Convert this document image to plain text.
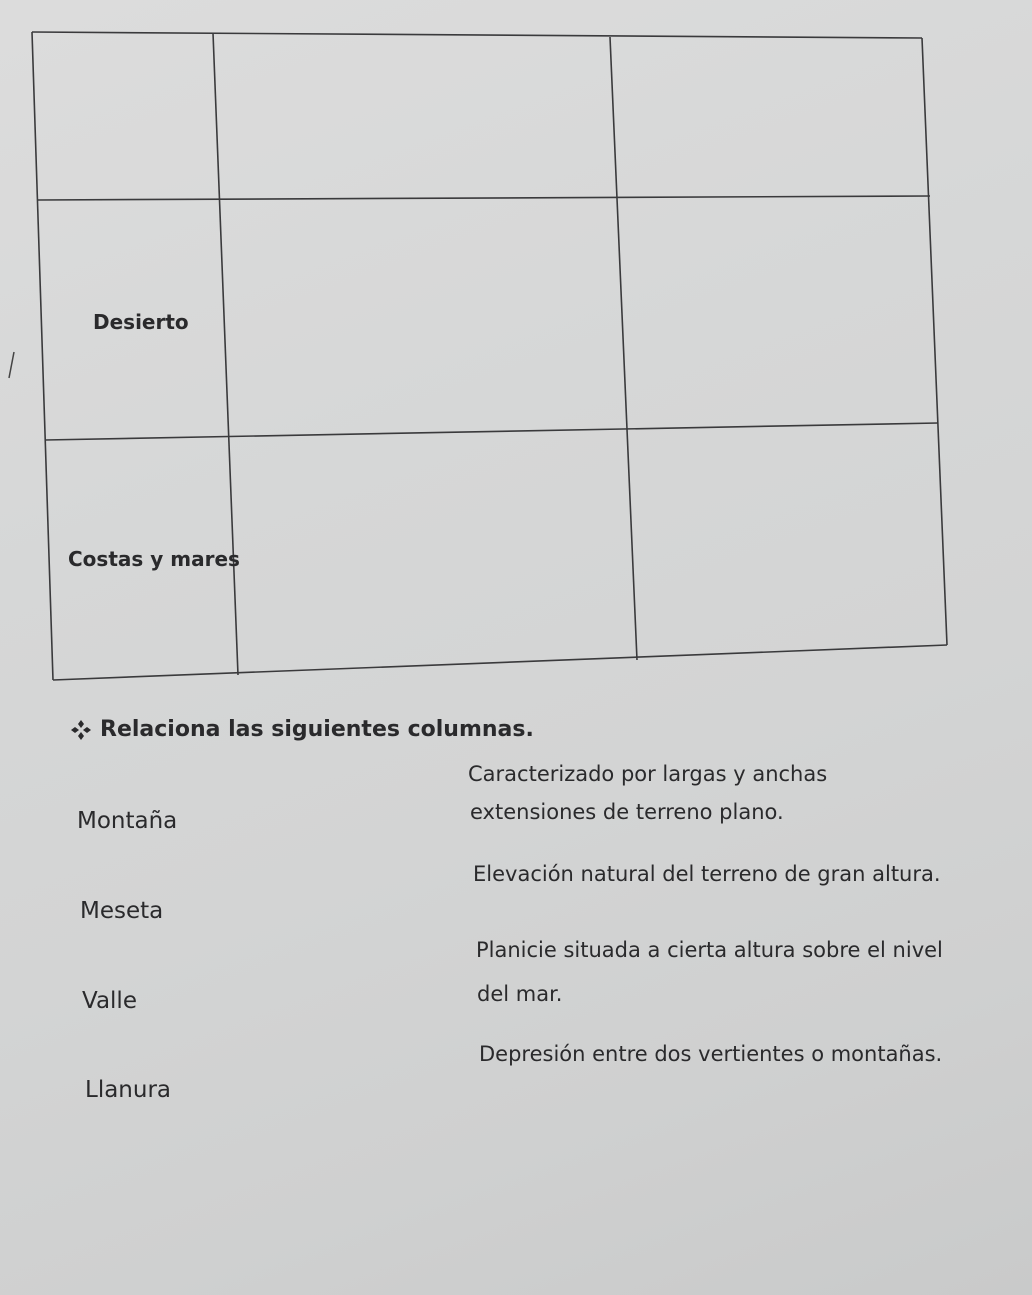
Desierto
Costas y mares
Relaciona las siguientes columnas.
Montaña
Meseta
Valle
Llanura
Caracterizado por largas y anchas
extensiones de terreno plano.
Elevación natural del terreno de gran altura.
Planicie situada a cierta altura sobre el nivel
del mar.
Depresión entre dos vertientes o montañas.
